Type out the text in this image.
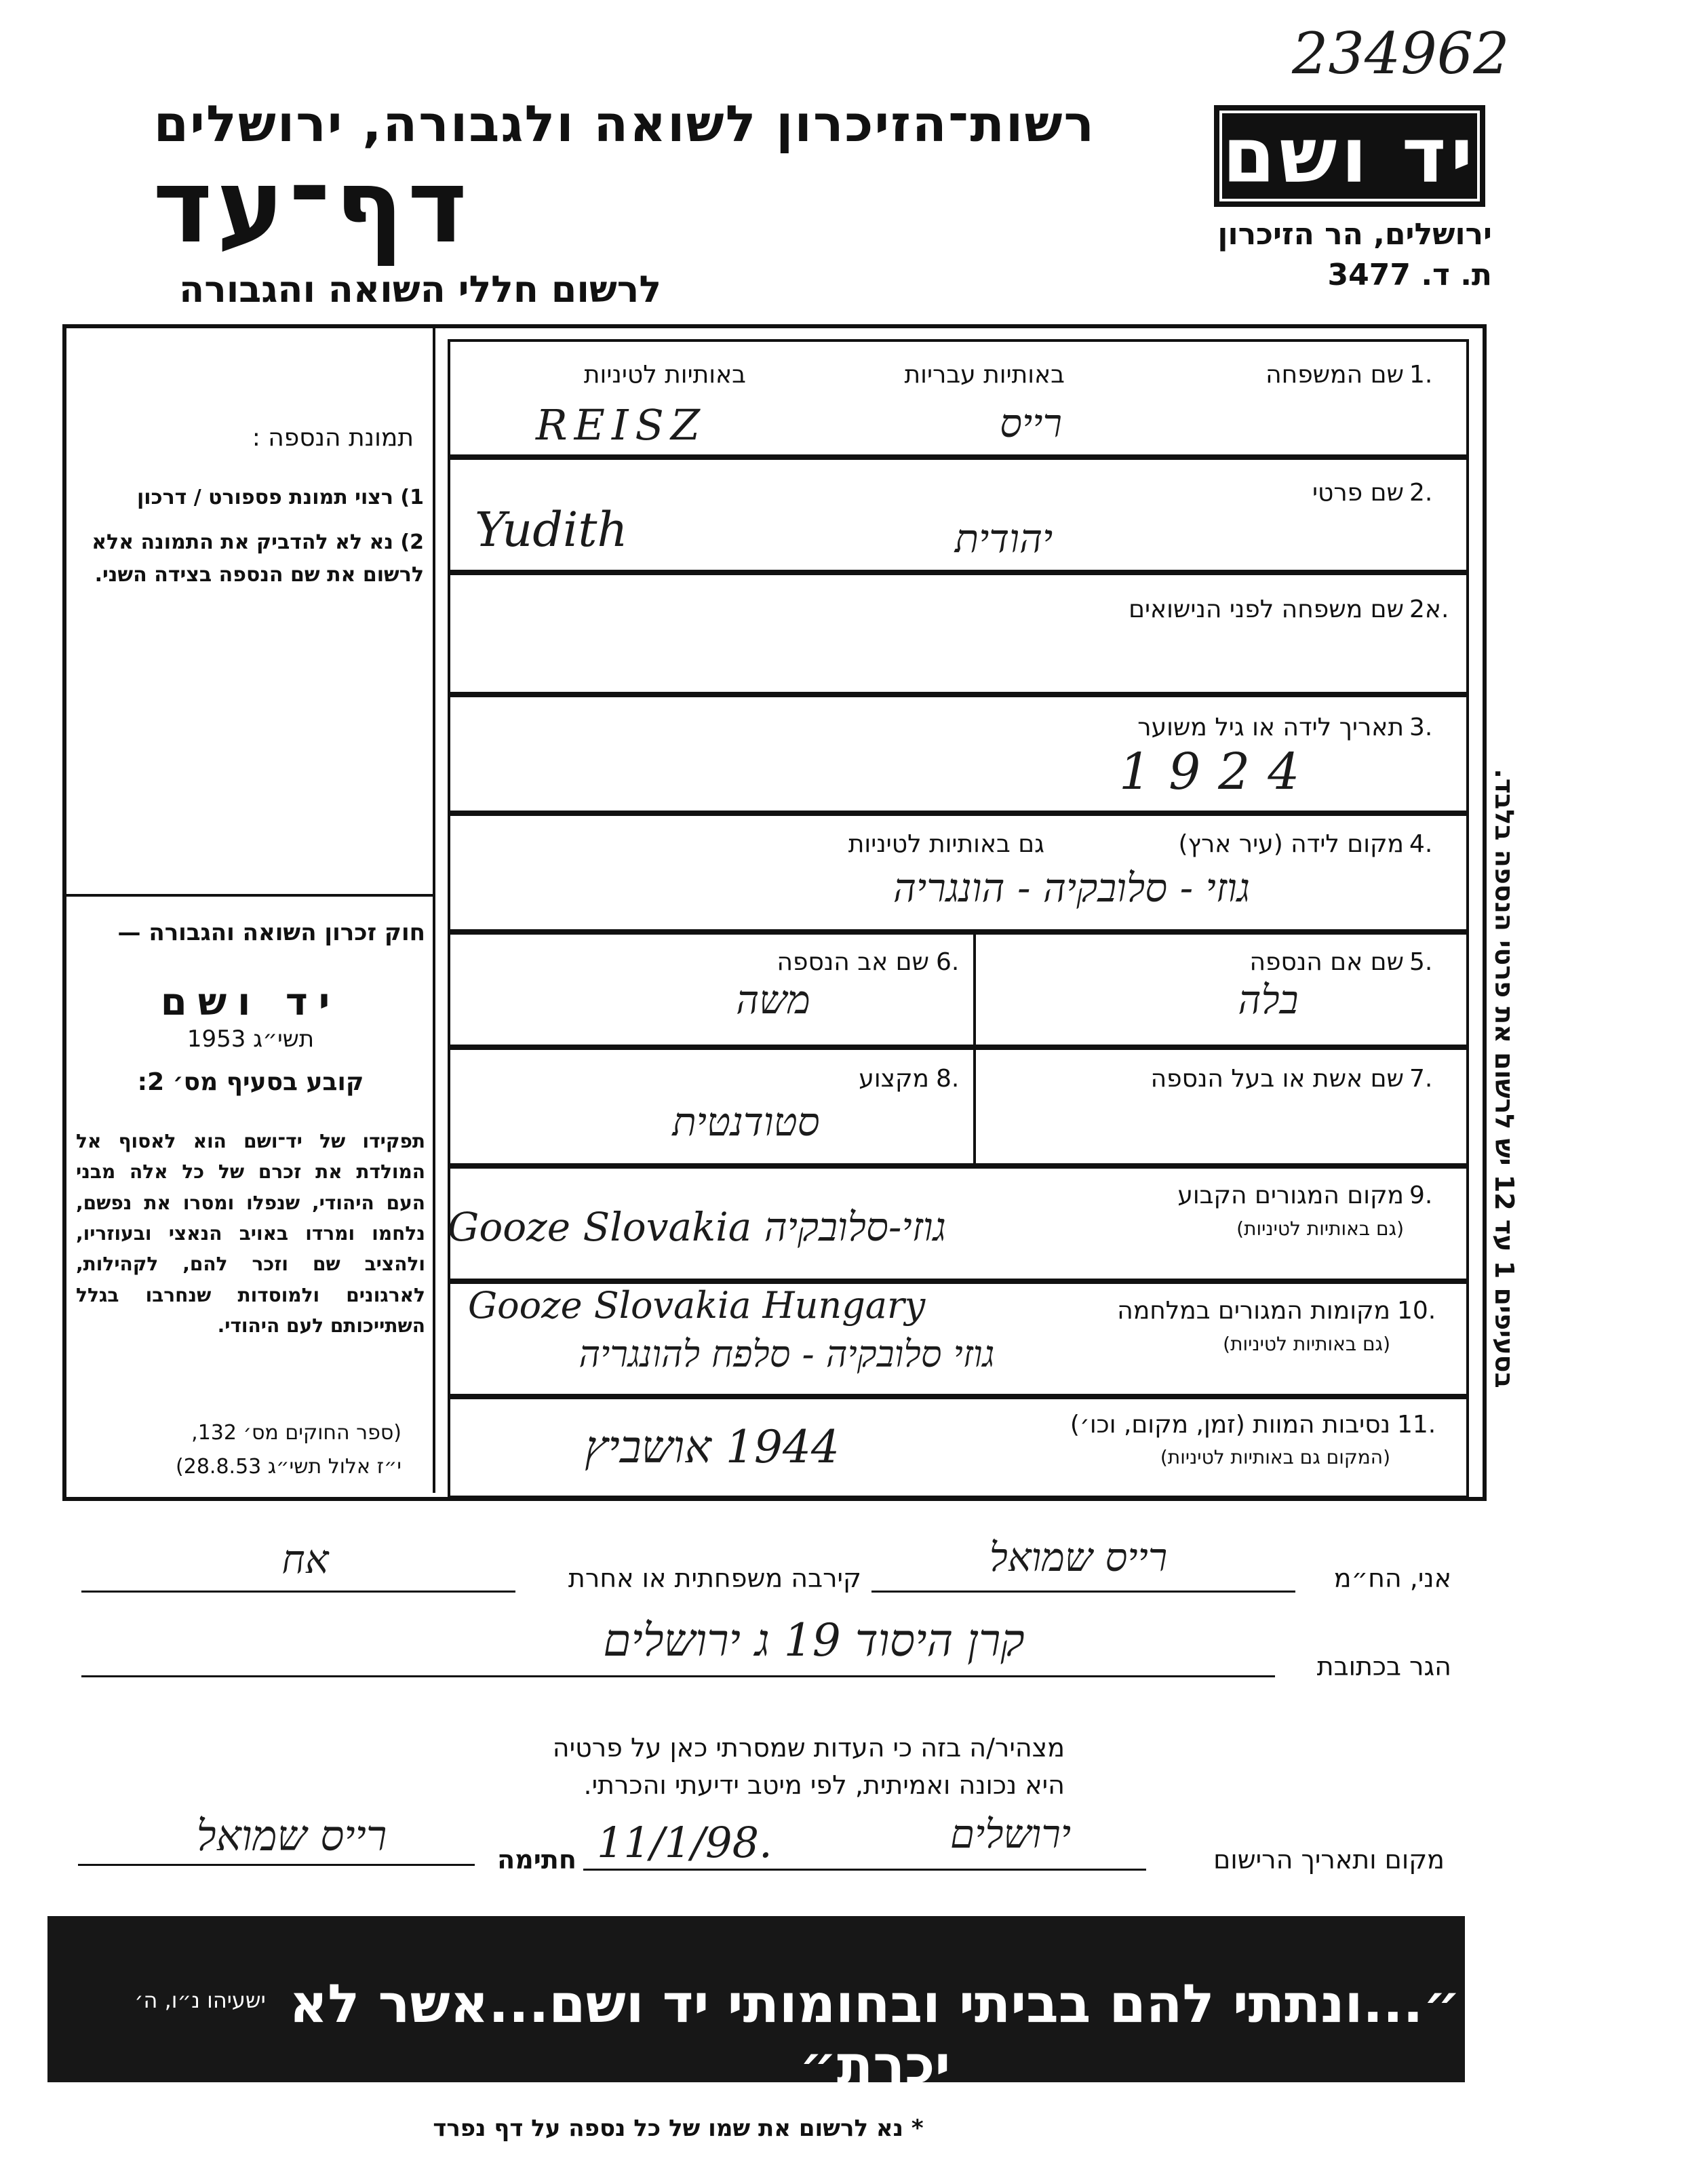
234962
רשות־הזיכרון לשואה ולגבורה, ירושלים
דף־עד
לרשום חללי השואה והגבורה
יד ושם
ירושלים, הר הזיכרון
ת. ד. 3477
תמונת הנספה :
1) רצוי תמונת פספורט / דרכון
2) נא לא להדביק את התמונה אלא לרשום את שם הנספה בצידה השני.
חוק זכרון השואה והגבורה —
יד ושם
תשי״ג 1953
קובע בסעיף מס׳ 2:
תפקידו של יד־ושם הוא לאסוף אל המולדת את זכרם של כל אלה מבני העם היהודי, שנפלו ומסרו את נפשם, נלחמו ומרדו באויב הנאצי ובעוזריו, ולהציב שם וזכר להם, לקהילות, לארגונים ולמוסדות שנחרבו בגלל השתייכותם לעם היהודי.
(ספר החוקים מס׳ 132,
י״ז אלול תשי״ג 28.8.53)
בסעיפים 1 עד 12 יש לרשום את פרטי הנספה בלבד.
1.
שם המשפחה
באותיות עבריות
באותיות לטיניות
REISZ	רייס
2.
שם פרטי
Yudith	יהודית
2א.
שם משפחה לפני הנישואים
3.
תאריך לידה או גיל משוער
1924
4.
מקום לידה (עיר ארץ)
גם באותיות לטיניות
גוזי - סלובקיה - הונגריה
5.
שם אם הנספה
בלה
6.
שם אב הנספה
משה
7.
שם אשת או בעל הנספה
8.
מקצוע
סטודנטית
9.
מקום המגורים הקבוע
(גם באותיות לטיניות)
Gooze Slovakia גוזי-סלובקיה
10.
מקומות המגורים במלחמה
(גם באותיות לטיניות)
Gooze Slovakia Hungary
גוזי סלובקיה - סלפח להונגריה
11.
נסיבות המוות (זמן, מקום, וכו׳)
(המקום גם באותיות לטיניות)
1944 אושביץ
אני, הח״מ
רייס שמואל
קירבה משפחתית או אחרת
אח
הגר בכתובת
קרן היסוד 19 ג ירושלים
מצהיר/ה בזה כי העדות שמסרתי כאן על פרטיה
היא נכונה ואמיתית, לפי מיטב ידיעתי והכרתי.
מקום ותאריך הרישום
ירושלים
11/1/98.
חתימה
רייס שמואל
״...ונתתי להם בביתי ובחומותי יד ושם...אשר לא יכרת״
ישעיהו נ״ו, ה׳
* נא לרשום את שמו של כל נספה על דף נפרד
